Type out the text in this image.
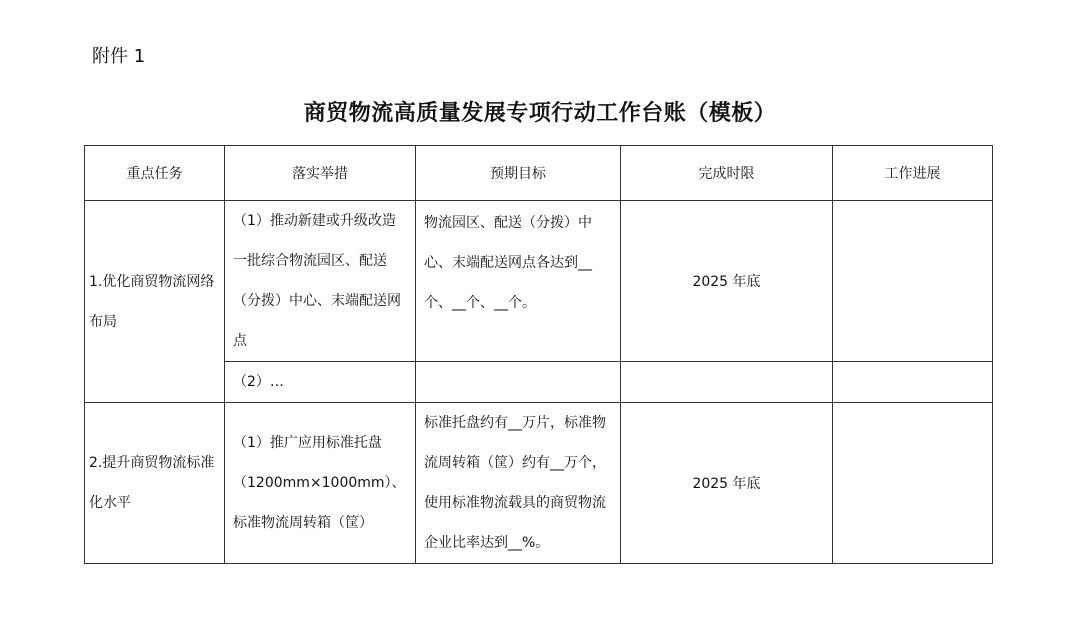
附件 1
商贸物流高质量发展专项行动工作台账（模板）
重点任务	落实举措	预期目标	完成时限	工作进展
1.优化商贸物流网络布局	（1）推动新建或升级改造一批综合物流园区、配送（分拨）中心、末端配送网点	物流园区、配送（分拨）中心、末端配送网点各达到__个、__个、__个。	2025 年底	
	（2）…			
2.提升商贸物流标准化水平	（1）推广应用标准托盘（1200mm×1000mm）、标准物流周转箱（筐）	标准托盘约有__万片，标准物流周转箱（筐）约有__万个，使用标准物流载具的商贸物流企业比率达到__%。	2025 年底	
